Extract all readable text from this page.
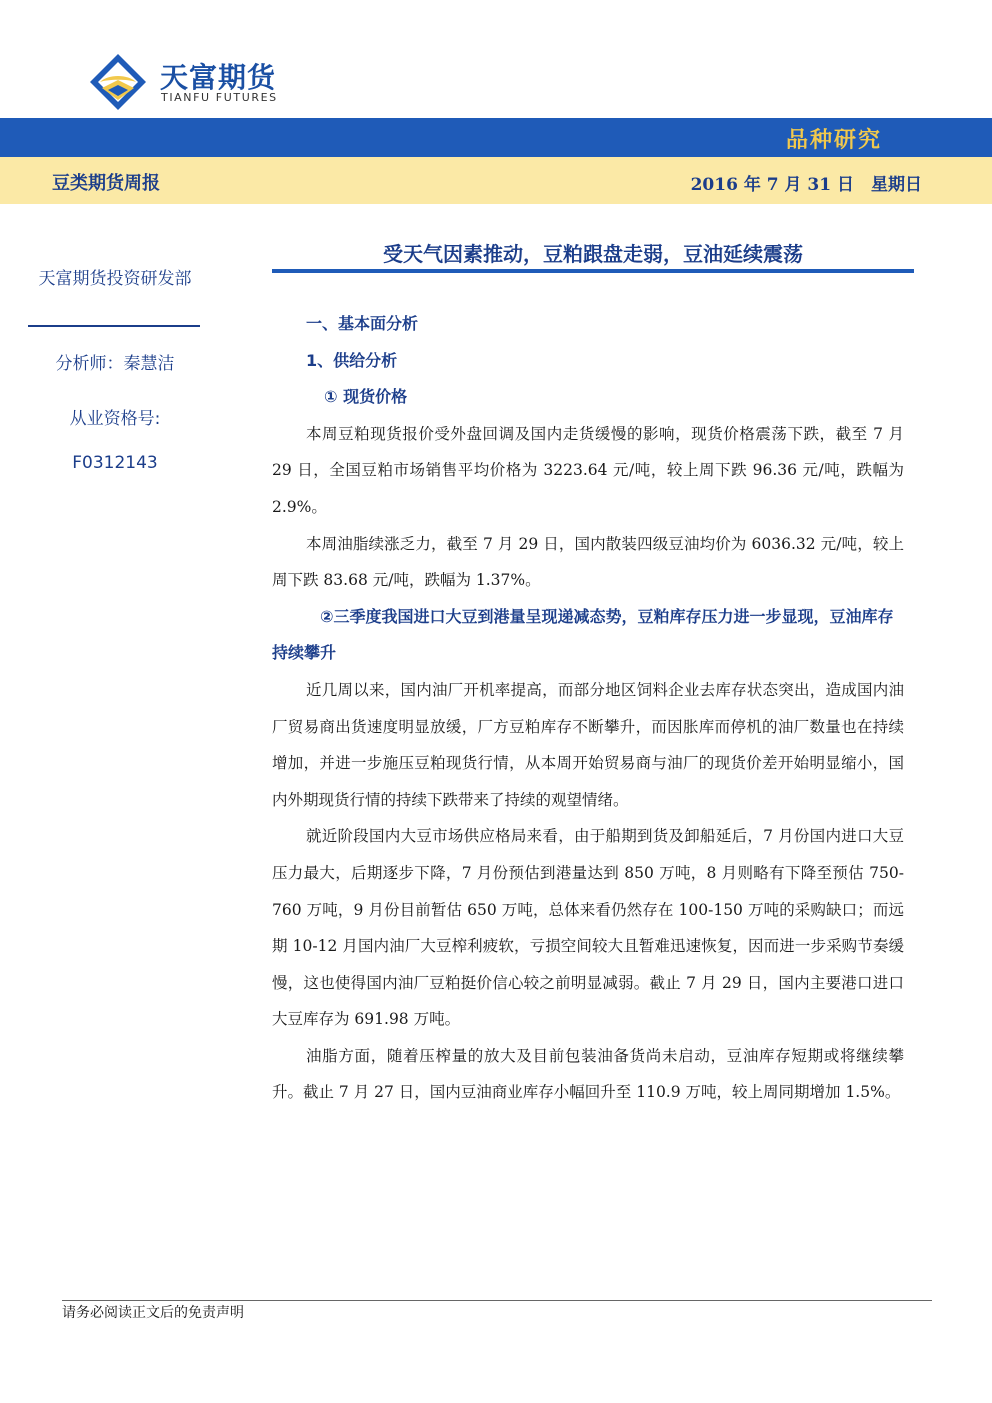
天富期货
TIANFU FUTURES
品种研究
豆类期货周报	2016 年 7 月 31 日　星期日
天富期货投资研发部
分析师：秦慧洁
从业资格号:
F0312143
受天气因素推动，豆粕跟盘走弱，豆油延续震荡
一、基本面分析
1、供给分析
① 现货价格

本周豆粕现货报价受外盘回调及国内走货缓慢的影响，现货价格震荡下跌，截至 7 月 29 日，全国豆粕市场销售平均价格为 3223.64 元/吨，较上周下跌 96.36 元/吨，跌幅为 2.9%。

本周油脂续涨乏力，截至 7 月 29 日，国内散装四级豆油均价为 6036.32 元/吨，较上周下跌 83.68 元/吨，跌幅为 1.37%。

②三季度我国进口大豆到港量呈现递减态势，豆粕库存压力进一步显现，豆油库存持续攀升

近几周以来，国内油厂开机率提高，而部分地区饲料企业去库存状态突出，造成国内油厂贸易商出货速度明显放缓，厂方豆粕库存不断攀升，而因胀库而停机的油厂数量也在持续增加，并进一步施压豆粕现货行情，从本周开始贸易商与油厂的现货价差开始明显缩小，国内外期现货行情的持续下跌带来了持续的观望情绪。

就近阶段国内大豆市场供应格局来看，由于船期到货及卸船延后，7 月份国内进口大豆压力最大，后期逐步下降，7 月份预估到港量达到 850 万吨，8 月则略有下降至预估 750-760 万吨，9 月份目前暂估 650 万吨，总体来看仍然存在 100-150 万吨的采购缺口；而远期 10-12 月国内油厂大豆榨利疲软，亏损空间较大且暂难迅速恢复，因而进一步采购节奏缓慢，这也使得国内油厂豆粕挺价信心较之前明显减弱。截止 7 月 29 日，国内主要港口进口大豆库存为 691.98 万吨。

油脂方面，随着压榨量的放大及目前包装油备货尚未启动，豆油库存短期或将继续攀升。截止 7 月 27 日，国内豆油商业库存小幅回升至 110.9 万吨，较上周同期增加 1.5%。

请务必阅读正文后的免责声明
